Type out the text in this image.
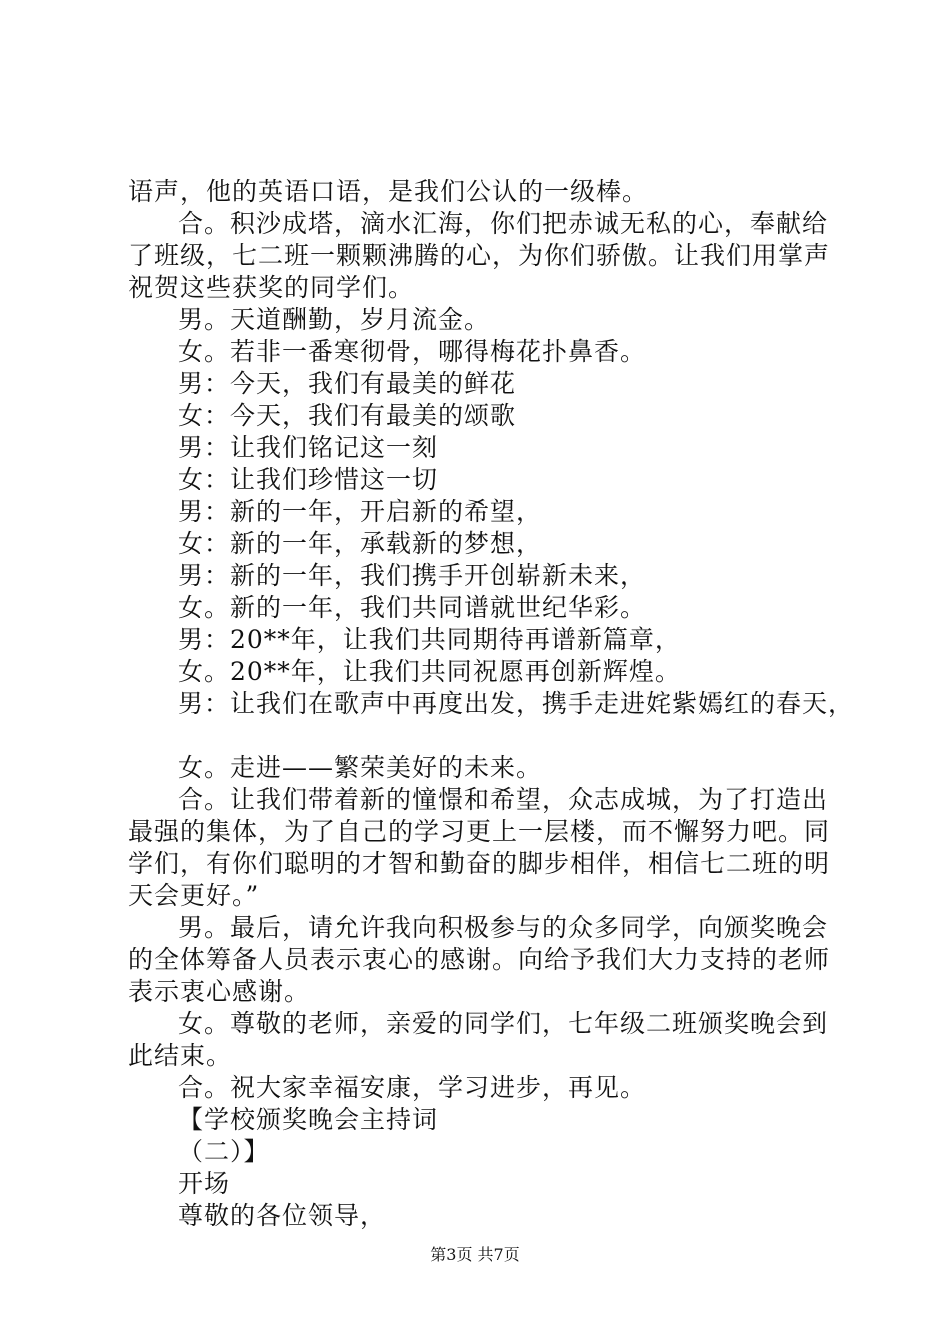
语声，他的英语口语，是我们公认的一级棒。
合。积沙成塔，滴水汇海，你们把赤诚无私的心，奉献给
了班级，七二班一颗颗沸腾的心，为你们骄傲。让我们用掌声
祝贺这些获奖的同学们。
男。天道酬勤，岁月流金。
女。若非一番寒彻骨，哪得梅花扑鼻香。
男：今天，我们有最美的鲜花
女：今天，我们有最美的颂歌
男：让我们铭记这一刻
女：让我们珍惜这一切
男：新的一年，开启新的希望，
女：新的一年，承载新的梦想，
男：新的一年，我们携手开创崭新未来，
女。新的一年，我们共同谱就世纪华彩。
男：20**年，让我们共同期待再谱新篇章，
女。20**年，让我们共同祝愿再创新辉煌。
男：让我们在歌声中再度出发，携手走进姹紫嫣红的春天，
女。走进——繁荣美好的未来。
合。让我们带着新的憧憬和希望，众志成城，为了打造出
最强的集体，为了自己的学习更上一层楼，而不懈努力吧。同
学们，有你们聪明的才智和勤奋的脚步相伴，相信七二班的明
天会更好。”
男。最后，请允许我向积极参与的众多同学，向颁奖晚会
的全体筹备人员表示衷心的感谢。向给予我们大力支持的老师
表示衷心感谢。
女。尊敬的老师，亲爱的同学们，七年级二班颁奖晚会到
此结束。
合。祝大家幸福安康，学习进步，再见。
【学校颁奖晚会主持词
（二）】
开场
尊敬的各位领导，
第3页 共7页
